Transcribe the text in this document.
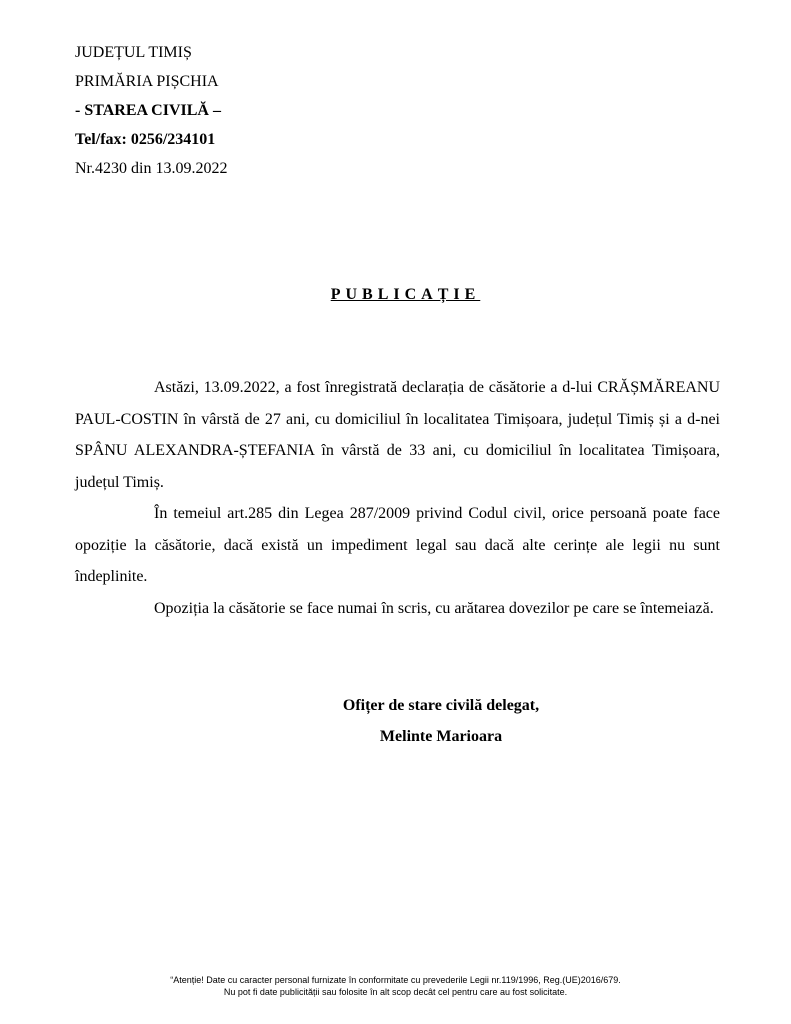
JUDEȚUL TIMIȘ
PRIMĂRIA PIȘCHIA
- STAREA CIVILĂ –
Tel/fax: 0256/234101
Nr.4230 din 13.09.2022
PUBLICAȚIE

Astăzi, 13.09.2022, a fost înregistrată declarația de căsătorie a d-lui CRĂȘMĂREANU PAUL-COSTIN în vârstă de 27 ani, cu domiciliul în localitatea Timișoara, județul Timiș și a d-nei SPÂNU ALEXANDRA-ȘTEFANIA în vârstă de 33 ani, cu domiciliul în localitatea Timișoara, județul Timiș.

În temeiul art.285 din Legea 287/2009 privind Codul civil, orice persoană poate face opoziție la căsătorie, dacă există un impediment legal sau dacă alte cerințe ale legii nu sunt îndeplinite.

Opoziția la căsătorie se face numai în scris, cu arătarea dovezilor pe care se întemeiază.

Ofițer de stare civilă delegat,
Melinte Marioara
“Atenție! Date cu caracter personal furnizate în conformitate cu prevederile Legii nr.119/1996, Reg.(UE)2016/679.
Nu pot fi date publicității sau folosite în alt scop decât cel pentru care au fost solicitate.
